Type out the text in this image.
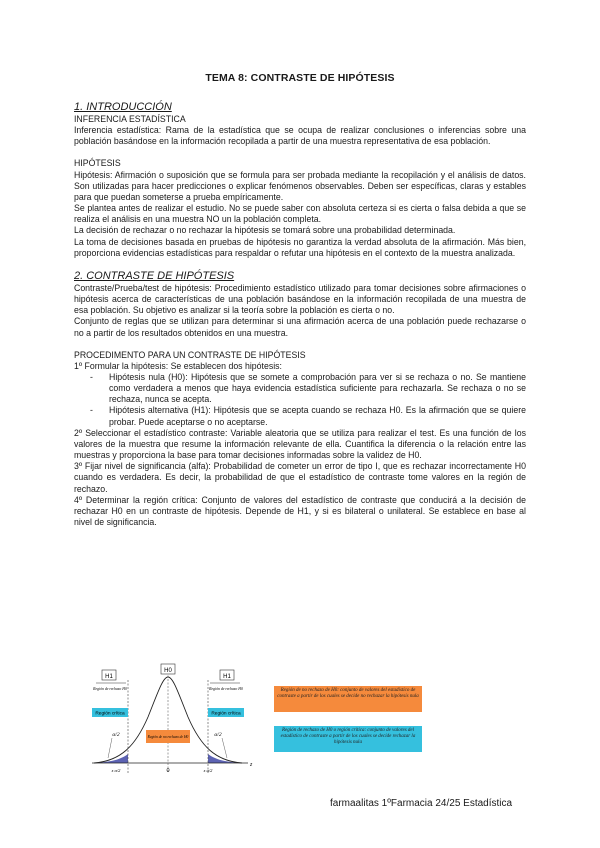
TEMA 8: CONTRASTE DE HIPÓTESIS

1. INTRODUCCIÓN

INFERENCIA ESTADÍSTICA

Inferencia estadística: Rama de la estadística que se ocupa de realizar conclusiones o inferencias sobre una población basándose en la información recopilada a partir de una muestra representativa de esa población.

HIPÓTESIS

Hipótesis: Afirmación o suposición que se formula para ser probada mediante la recopilación y el análisis de datos. Son utilizadas para hacer predicciones o explicar fenómenos observables. Deben ser específicas, claras y estables para que puedan someterse a prueba empíricamente.

Se plantea antes de realizar el estudio. No se puede saber con absoluta certeza si es cierta o falsa debida a que se realiza el análisis en una muestra NO un la población completa.

La decisión de rechazar o no rechazar la hipótesis se tomará sobre una probabilidad determinada.

La toma de decisiones basada en pruebas de hipótesis no garantiza la verdad absoluta de la afirmación. Más bien, proporciona evidencias estadísticas para respaldar o refutar una hipótesis en el contexto de la muestra analizada.

2. CONTRASTE DE HIPÓTESIS

Contraste/Prueba/test de hipótesis: Procedimiento estadístico utilizado para tomar decisiones sobre afirmaciones o hipótesis acerca de características de una población basándose en la información recopilada de una muestra de esa población. Su objetivo es analizar si la teoría sobre la población es cierta o no.

Conjunto de reglas que se utilizan para determinar si una afirmación acerca de una población puede rechazarse o no a partir de los resultados obtenidos en una muestra.

PROCEDIMENTO PARA UN CONTRASTE DE HIPÓTESIS

1º Formular la hipótesis: Se establecen dos hipótesis:

- Hipótesis nula (H0): Hipótesis que se somete a comprobación para ver si se rechaza o no. Se mantiene como verdadera a menos que haya evidencia estadística suficiente para rechazarla. Se rechaza o no se rechaza, nunca se acepta.
- Hipótesis alternativa (H1): Hipótesis que se acepta cuando se rechaza H0. Es la afirmación que se quiere probar. Puede aceptarse o no aceptarse.

2º Seleccionar el estadístico contraste: Variable aleatoria que se utiliza para realizar el test. Es una función de los valores de la muestra que resume la información relevante de ella. Cuantifica la diferencia o la relación entre las muestras y proporciona la base para tomar decisiones informadas sobre la validez de H0.

3º Fijar nivel de significancia (alfa): Probabilidad de cometer un error de tipo I, que es rechazar incorrectamente H0 cuando es verdadera. Es decir, la probabilidad de que el estadístico de contraste tome valores en la región de rechazo.

4º Determinar la región crítica: Conjunto de valores del estadístico de contraste que conducirá a la decisión de rechazar H0 en un contraste de hipótesis. Depende de H1, y si es bilateral o unilateral. Se establece en base al nivel de significancia.

H1
H0
H1
Región de rechazo H0	Región de rechazo H0
Región crítica	Región crítica
α/2	α/2
Región de no rechazo de H0
z α/2	0	z α/2
z
Región de no rechazo de H0: conjunto de valores del estadístico de contraste a partir de los cuales se decide no rechazar la hipótesis nula
Región de rechazo de H0 o región crítica: conjunto de valores del estadístico de contraste a partir de los cuales se decide rechazar la hipótesis nula
farmaalitas 1ºFarmacia 24/25 Estadística
